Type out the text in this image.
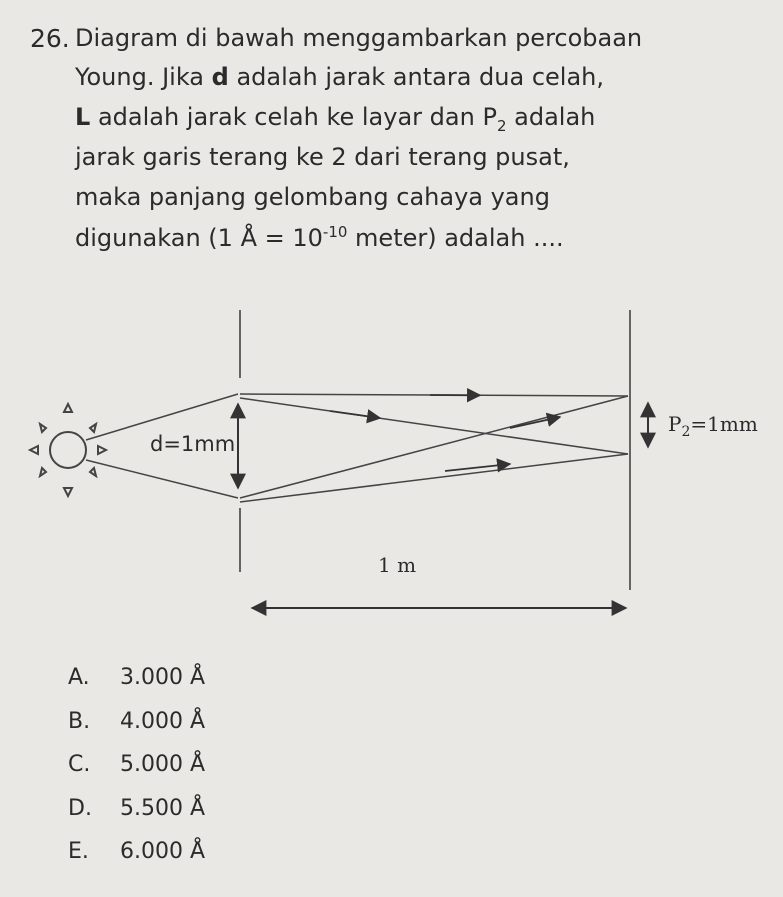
26. Diagram di bawah menggambarkan percobaan
Young. Jika d adalah jarak antara dua celah,
L adalah jarak celah ke layar dan $P_2$ adalah
jarak garis terang ke 2 dari terang pusat,
maka panjang gelombang cahaya yang
digunakan (1 Å = $10^{-10}$ meter) adalah ....
d=1mm
$P_2=1mm$
1 m
A. 3.000 Å
B. 4.000 Å
C. 5.000 Å
D. 5.500 Å
E. 6.000 Å
